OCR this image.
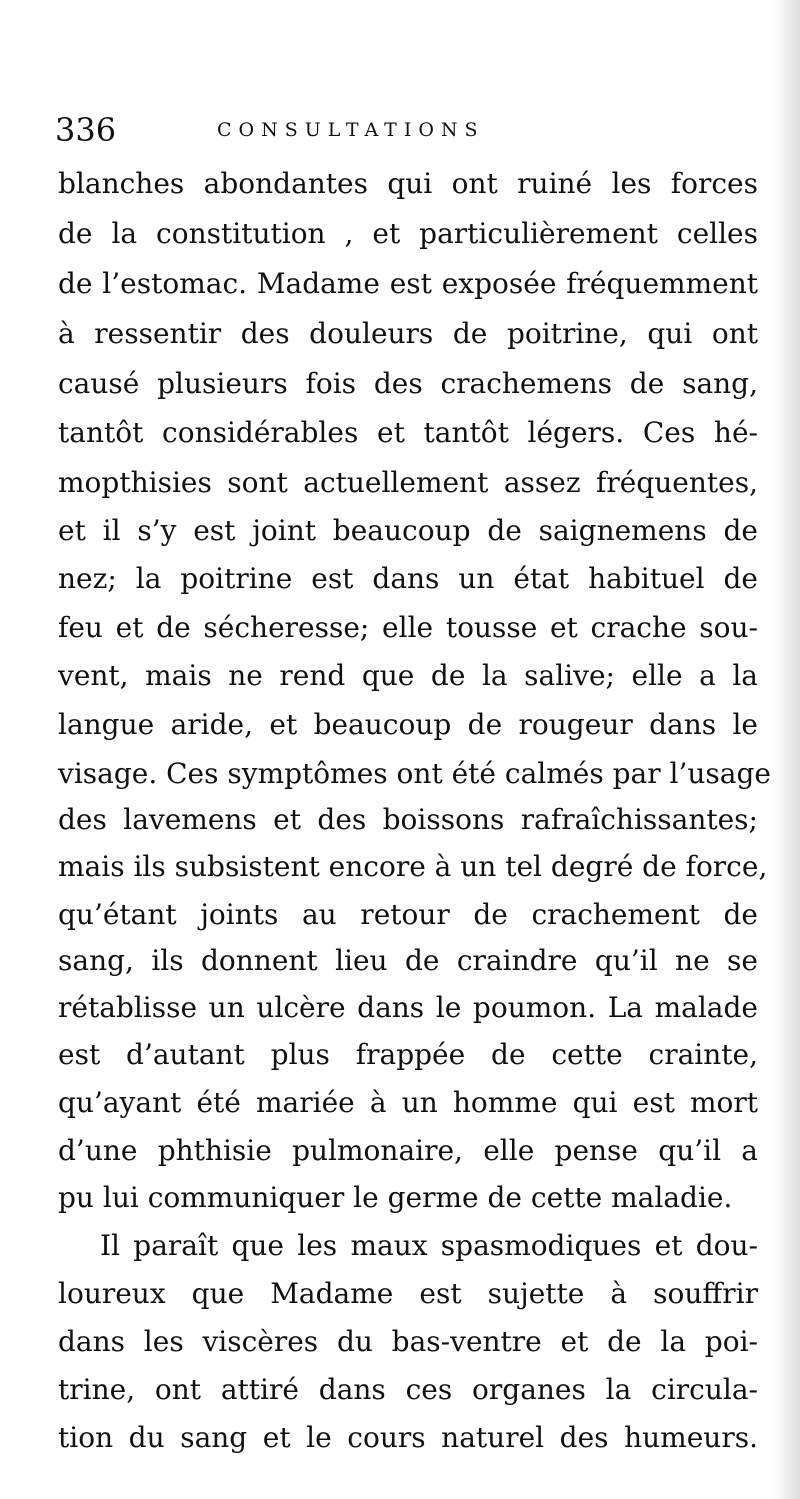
336	CONSULTATIONS
blanches abondantes qui ont ruiné les forces
de la constitution , et particulièrement celles
de l’estomac. Madame est exposée fréquemment
à ressentir des douleurs de poitrine, qui ont
causé plusieurs fois des crachemens de sang,
tantôt considérables et tantôt légers. Ces hé-
mopthisies sont actuellement assez fréquentes,
et il s’y est joint beaucoup de saignemens de
nez; la poitrine est dans un état habituel de
feu et de sécheresse; elle tousse et crache sou-
vent, mais ne rend que de la salive; elle a la
langue aride, et beaucoup de rougeur dans le
visage. Ces symptômes ont été calmés par l’usage
des lavemens et des boissons rafraîchissantes;
mais ils subsistent encore à un tel degré de force,
qu’étant joints au retour de crachement de
sang, ils donnent lieu de craindre qu’il ne se
rétablisse un ulcère dans le poumon. La malade
est d’autant plus frappée de cette crainte,
qu’ayant été mariée à un homme qui est mort
d’une phthisie pulmonaire, elle pense qu’il a
pu lui communiquer le germe de cette maladie.
Il paraît que les maux spasmodiques et dou-
loureux que Madame est sujette à souffrir
dans les viscères du bas-ventre et de la poi-
trine, ont attiré dans ces organes la circula-
tion du sang et le cours naturel des humeurs.
